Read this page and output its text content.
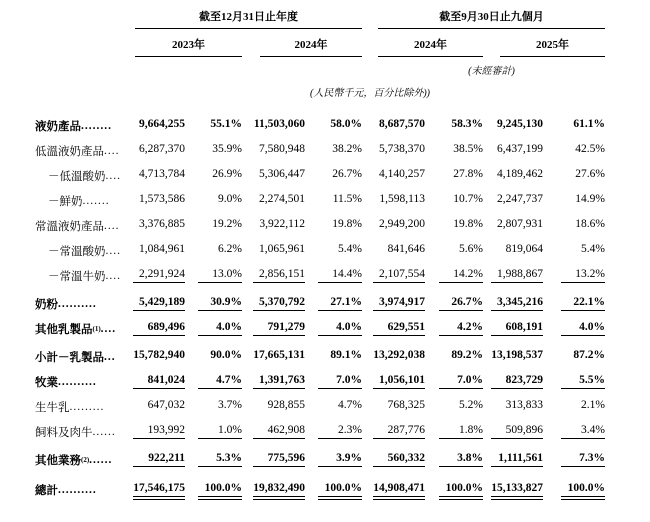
截至12月31日止年度	截至9月30日止九個月
2023年	2024年	2024年	2025年
(未經審計)
(人民幣千元，百分比除外))
液奶產品 ........	9,664,255	55.1% 11,503,060	58.0%	8,687,570	58.3%	9,245,130	61.1%
低溫液奶產品 ....	6,287,370	35.9%	7,580,948	38.2%	5,738,370	38.5%	6,437,199	42.5%
－低溫酸奶 ....	4,713,784	26.9%	5,306,447	26.7%	4,140,257	27.8%	4,189,462	27.6%
－鮮奶 .......	1,573,586	9.0%	2,274,501	11.5%	1,598,113	10.7%	2,247,737	14.9%
常溫液奶產品 ....	3,376,885	19.2%	3,922,112	19.8%	2,949,200	19.8%	2,807,931	18.6%
－常溫酸奶 ....	1,084,961	6.2%	1,065,961	5.4%	841,646	5.6%	819,064	5.4%
－常溫牛奶 ....	2,291,924	13.0%	2,856,151	14.4%	2,107,554	14.2%	1,988,867	13.2%
奶粉 ..........	5,429,189	30.9%	5,370,792	27.1%	3,974,917	26.7%	3,345,216	22.1%
其他乳製品 (1) ....	689,496	4.0%	791,279	4.0%	629,551	4.2%	608,191	4.0%
小計－乳製品 ... 15,782,940	90.0% 17,665,131	89.1% 13,292,038	89.2% 13,198,537	87.2%
牧業 ..........	841,024	4.7%	1,391,763	7.0%	1,056,101	7.0%	823,729	5.5%
生牛乳 .........	647,032	3.7%	928,855	4.7%	768,325	5.2%	313,833	2.1%
飼料及肉牛 ......	193,992	1.0%	462,908	2.3%	287,776	1.8%	509,896	3.4%
其他業務 (2) ......	922,211	5.3%	775,596	3.9%	560,332	3.8%	1,111,561	7.3%
總計 ..........	17,546,175	100.0% 19,832,490	100.0% 14,908,471	100.0% 15,133,827	100.0%
